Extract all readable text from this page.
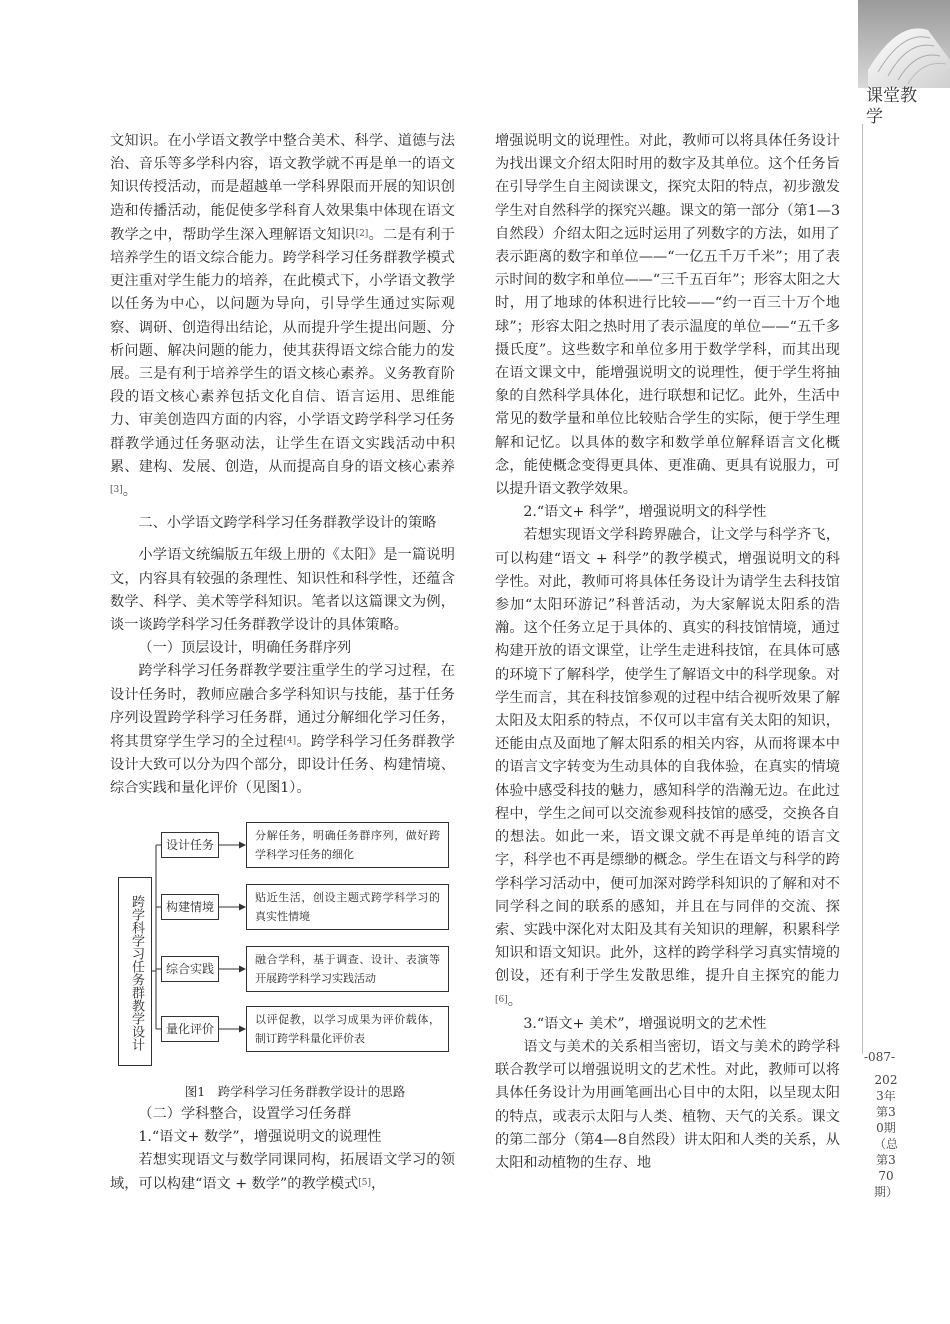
课堂教学
-087-
2023年第30期（总第370期）

文知识。在小学语文教学中整合美术、科学、道德与法治、音乐等多学科内容，语文教学就不再是单一的语文知识传授活动，而是超越单一学科界限而开展的知识创造和传播活动，能促使多学科育人效果集中体现在语文教学之中，帮助学生深入理解语文知识[2]。二是有利于培养学生的语文综合能力。跨学科学习任务群教学模式更注重对学生能力的培养，在此模式下，小学语文教学以任务为中心，以问题为导向，引导学生通过实际观察、调研、创造得出结论，从而提升学生提出问题、分析问题、解决问题的能力，使其获得语文综合能力的发展。三是有利于培养学生的语文核心素养。义务教育阶段的语文核心素养包括文化自信、语言运用、思维能力、审美创造四方面的内容，小学语文跨学科学习任务群教学通过任务驱动法，让学生在语文实践活动中积累、建构、发展、创造，从而提高自身的语文核心素养[3]。

二、小学语文跨学科学习任务群教学设计的策略

小学语文统编版五年级上册的《太阳》是一篇说明文，内容具有较强的条理性、知识性和科学性，还蕴含数学、科学、美术等学科知识。笔者以这篇课文为例，谈一谈跨学科学习任务群教学设计的具体策略。

（一）顶层设计，明确任务群序列

跨学科学习任务群教学要注重学生的学习过程，在设计任务时，教师应融合多学科知识与技能，基于任务序列设置跨学科学习任务群，通过分解细化学习任务，将其贯穿学生学习的全过程[4]。跨学科学习任务群教学设计大致可以分为四个部分，即设计任务、构建情境、综合实践和量化评价（见图1）。

跨学科学习任务群教学设计
设计任务
分解任务，明确任务群序列，做好跨学科学习任务的细化
构建情境
贴近生活，创设主题式跨学科学习的真实性情境
综合实践
融合学科，基于调查、设计、表演等开展跨学科学习实践活动
量化评价
以评促教，以学习成果为评价载体，制订跨学科量化评价表

图1　跨学科学习任务群教学设计的思路

（二）学科整合，设置学习任务群

1.“语文+ 数学”，增强说明文的说理性

若想实现语文与数学同课同构，拓展语文学习的领域，可以构建“语文 + 数学”的教学模式[5]，

增强说明文的说理性。对此，教师可以将具体任务设计为找出课文介绍太阳时用的数字及其单位。这个任务旨在引导学生自主阅读课文，探究太阳的特点，初步激发学生对自然科学的探究兴趣。课文的第一部分（第1—3自然段）介绍太阳之远时运用了列数字的方法，如用了表示距离的数字和单位——“一亿五千万千米”；用了表示时间的数字和单位——“三千五百年”；形容太阳之大时，用了地球的体积进行比较——“约一百三十万个地球”；形容太阳之热时用了表示温度的单位——“五千多摄氏度”。这些数字和单位多用于数学学科，而其出现在语文课文中，能增强说明文的说理性，便于学生将抽象的自然科学具体化，进行联想和记忆。此外，生活中常见的数学量和单位比较贴合学生的实际，便于学生理解和记忆。以具体的数字和数学单位解释语言文化概念，能使概念变得更具体、更准确、更具有说服力，可以提升语文教学效果。

2.“语文+ 科学”，增强说明文的科学性

若想实现语文学科跨界融合，让文学与科学齐飞，可以构建“语文 + 科学”的教学模式，增强说明文的科学性。对此，教师可将具体任务设计为请学生去科技馆参加“太阳环游记”科普活动，为大家解说太阳系的浩瀚。这个任务立足于具体的、真实的科技馆情境，通过构建开放的语文课堂，让学生走进科技馆，在具体可感的环境下了解科学，使学生了解语文中的科学现象。对学生而言，其在科技馆参观的过程中结合视听效果了解太阳及太阳系的特点，不仅可以丰富有关太阳的知识，还能由点及面地了解太阳系的相关内容，从而将课本中的语言文字转变为生动具体的自我体验，在真实的情境体验中感受科技的魅力，感知科学的浩瀚无边。在此过程中，学生之间可以交流参观科技馆的感受，交换各自的想法。如此一来，语文课文就不再是单纯的语言文字，科学也不再是缥缈的概念。学生在语文与科学的跨学科学习活动中，便可加深对跨学科知识的了解和对不同学科之间的联系的感知，并且在与同伴的交流、探索、实践中深化对太阳及其有关知识的理解，积累科学知识和语文知识。此外，这样的跨学科学习真实情境的创设，还有利于学生发散思维，提升自主探究的能力[6]。

3.“语文+ 美术”，增强说明文的艺术性

语文与美术的关系相当密切，语文与美术的跨学科联合教学可以增强说明文的艺术性。对此，教师可以将具体任务设计为用画笔画出心目中的太阳，以呈现太阳的特点，或表示太阳与人类、植物、天气的关系。课文的第二部分（第4—8自然段）讲太阳和人类的关系，从太阳和动植物的生存、地
